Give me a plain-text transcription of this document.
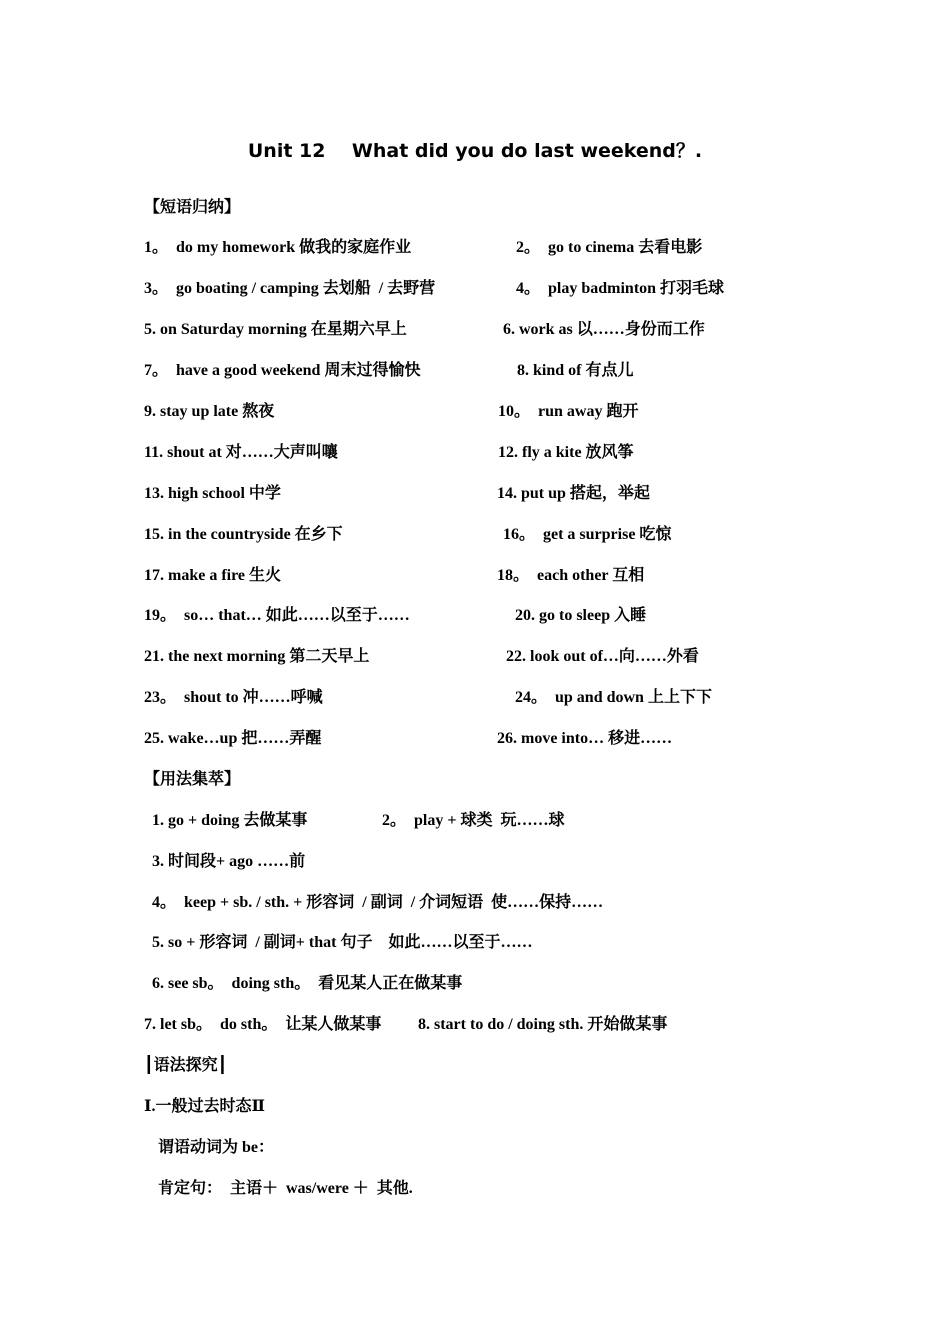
Unit 12    What did you do last weekend？.
【短语归纳】
1。  do my homework 做我的家庭作业	2。  go to cinema 去看电影
3。  go boating / camping 去划船  / 去野营	4。  play badminton 打羽毛球
5. on Saturday morning 在星期六早上	6. work as 以……身份而工作
7。  have a good weekend 周末过得愉快	8. kind of 有点儿
9. stay up late 熬夜	10。  run away 跑开
11. shout at 对……大声叫嚷	12. fly a kite 放风筝
13. high school 中学	14. put up 搭起，举起
15. in the countryside 在乡下	16。  get a surprise 吃惊
17. make a fire 生火	18。  each other 互相
19。  so… that… 如此……以至于……	20. go to sleep 入睡
21. the next morning 第二天早上	22. look out of…向……外看
23。  shout to 冲……呼喊	24。  up and down 上上下下
25. wake…up 把……弄醒	26. move into… 移进……
【用法集萃】
1. go + doing 去做某事	2。  play + 球类  玩……球
3. 时间段+ ago ……前
4。  keep + sb. / sth. + 形容词  / 副词  / 介词短语  使……保持……
5. so + 形容词  / 副词+ that 句子    如此……以至于……
6. see sb。  doing sth。  看见某人正在做某事
7. let sb。  do sth。  让某人做某事 8. start to do / doing sth. 开始做某事
┃语法探究┃
Ⅰ.一般过去时态Ⅱ
谓语动词为 be：
肯定句：  主语＋  was/were ＋  其他.
